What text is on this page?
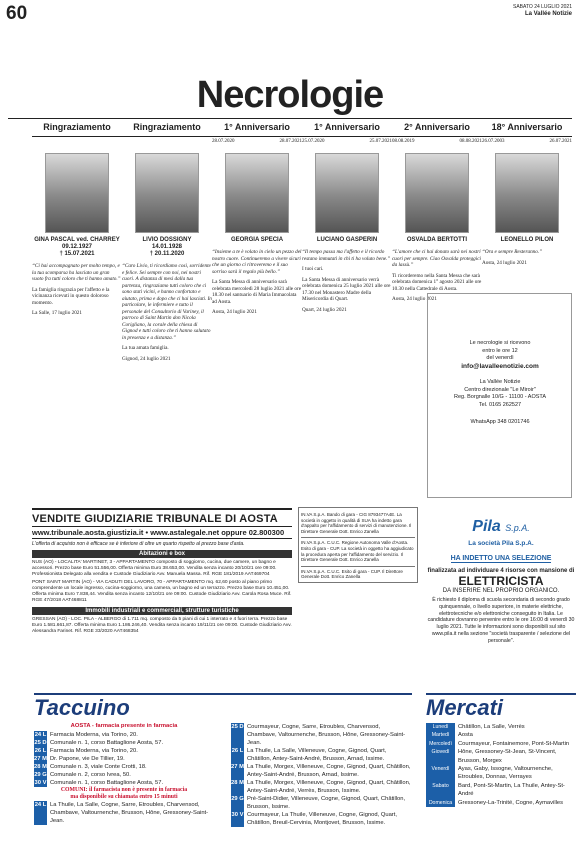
60	SABATO 24 LUGLIO 2021
La Vallée Notizie
Necrologie
Ringraziamento
GINA PASCAL ved. CHARREY
09.12.1927
† 15.07.2021

“Ci hai accompagnato per molto tempo, e la tua scomparsa ha lasciato un gran vuoto fra tutti coloro che ti hanno amato.”

La famiglia ringrazia per l'affetto e la vicinanza ricevuti in questo doloroso momento.

La Salle, 17 luglio 2021

Ringraziamento
LIVIO DOSSIGNY
14.01.1928
† 20.11.2020

“Caro Livio, ti ricordiamo così, sorridente e felice. Sei sempre con noi, nei nostri cuori. A distanza di mesi dalla tua partenza, ringraziamo tutti coloro che ci sono stati vicini, e hanno confortato e aiutato, prima e dopo che ci hai lasciati. In particolare, le infermiere e tutto il personale del Consultorio di Variney, il parroco di Saint Martin don Nicola Corigliano, la corale della chiesa di Gignod e tutti coloro che ti hanno salutato in presenza e a distanza.”

La tua amata famiglia.

Gignod, 24 luglio 2021

1° Anniversario
28.07.2020	28.07.2021
GEORGIA SPECIA

“Insieme a te è volato in cielo un pezzo del nostro cuore. Continueremo a vivere sicuri che un giorno ci ritroveremo e il suo sorriso sarà il regalo più bello.”

La Santa Messa di anniversario sarà celebrata mercoledì 28 luglio 2021 alle ore 18.30 nel santuario di Maria Immacolata ad Aosta.

Aosta, 24 luglio 2021

1° Anniversario
25.07.2020	25.07.2021
LUCIANO GASPERIN

“Il tempo passa ma l'affetto e il ricordo restano immutati in chi ti ha voluto bene.”

I tuoi cari.

La Santa Messa di anniversario verrà celebrata domenica 25 luglio 2021 alle ore 17.30 nel Monastero Madre della Misericordia di Quart.

Quart, 24 luglio 2021

2° Anniversario
08.08.2019	08.08.2021
OSVALDA BERTOTTI

“L'amore che ci hai donato sarà nei nostri cuori per sempre. Ciao Osvalda proteggici da lassù.”

Ti ricorderemo nella Santa Messa che sarà celebrata domenica 1° agosto 2021 alle ore 10.30 nella Cattedrale di Aosta.

Aosta, 24 luglio 2021

18° Anniversario
26.07.2003	26.07.2021
LEONELLO PILON

“Ora e sempre Resteranno.”

Aosta, 24 luglio 2021

Le necrologie si ricevono
entro le ore 12
del venerdì
info@lavalleenotizie.com
La Vallée Notizie
Centro direzionale "Le Miroir"
Reg. Borgnalle 10/G - 11100 - AOSTA
Tel. 0165 262527
WhatsApp 348 0201746
VENDITE GIUDIZIARIE TRIBUNALE DI AOSTA
www.tribunale.aosta.giustizia.it • www.astalegale.net oppure 02.800300
L'offerta di acquisto non è efficace se è inferiore di oltre un quarto rispetto al prezzo base d'asta.
Abitazioni e box
NUS (AO) - LOCALITA' MARTINET, 3 - APPARTAMENTO composto di soggiorno, cucina, due camere, un bagno e accessori. Prezzo base Euro 51.556,00. Offerta minima Euro 38.653,00. Vendita senza incanto 20/10/21 ore 09:00. Professionista Delegato alla vendita e Custode Giudiziario Avv. Manuela Massa. Rif. RGE 181/2019 AAT469704
PONT SAINT MARTIN (AO) - VIA CADUTI DEL LAVORO, 70 - APPARTAMENTO mq. 62,60 posto al piano primo comprendente un locale ingresso, cucina-soggiorno, una camera, un bagno ed un terrazzo. Prezzo base Euro 10.451,00. Offerta minima Euro 7.838,44. Vendita senza incanto 12/10/21 ore 09:00. Custode Giudiziario Avv. Carola Rosa Muce. Rif. RGE 47/2018 AAT468811
Immobili industriali e commerciali, strutture turistiche
GRESSAN (AO) - LOC. PILA - ALBERGO di 1.711 mq. composto da 5 piani di cui 1 interrato e 4 fuori terra. Prezzo base Euro 1.581.661,87. Offerta minima Euro 1.186.246,40. Vendita senza incanto 19/11/21 ore 09:00. Custode Giudiziario Avv. Alessandra Farinet. Rif. RGE 33/2020 AAT468354
IN.VA S.p.A. Bando di gara - CIG 8793477A4E. La società in oggetto in qualità di SUA ha indetto gara d'appalto per l'affidamento di servizi di manutenzione. Il Direttore Generale Dott. Enrico Zanella
IN.VA S.p.A. C.U.C. Regione Autonoma Valle d'Aosta. Esito di gara - CUP. La società in oggetto ha aggiudicato la procedura aperta per l'affidamento del servizio. Il Direttore Generale Dott. Enrico Zanella
IN.VA S.p.A. C.U.C. Esito di gara - CUP. Il Direttore Generale Dott. Enrico Zanella
Pila S.p.A.
La società Pila S.p.A.
HA INDETTO UNA SELEZIONE
finalizzata ad individuare 4 risorse con mansione di
ELETTRICISTA
DA INSERIRE NEL PROPRIO ORGANICO.
È richiesto il diploma di scuola secondaria di secondo grado quinquennale, o livello superiore, in materie elettriche, elettrotecniche e/o elettroniche conseguito in Italia. Le candidature dovranno pervenire entro le ore 16:00 di venerdì 30 luglio 2021. Tutte le informazioni sono disponibili sul sito www.pila.it nella sezione "società trasparente / selezione del personale".
Taccuino	Mercati
AOSTA - farmacia presente in farmacia
24 L Farmacia Moderna, via Torino, 20.
25 D Comunale n. 1, corso Battaglione Aosta, 57.
26 L Farmacia Moderna, via Torino, 20.
27 M Dr. Papone, vie De Tillier, 19.
28 M Comunale n. 3, viale Conte Crotti, 18.
29 G Comunale n. 2, corso Ivrea, 50.
30 V Comunale n. 1, corso Battaglione Aosta, 57.
COMUNI: il farmacista non è presente in farmacia
ma disponibile su chiamata entro 15 minuti
24 L La Thuile, La Salle, Cogne, Sarre, Etroubles, Charvensod, Chambave, Valtournenche, Brusson, Hône, Gressoney-Saint-Jean.
25 D Courmayeur, Cogne, Sarre, Etroubles, Charvensod, Chambave, Valtournenche, Brusson, Hône, Gressoney-Saint-Jean.
26 L La Thuile, La Salle, Villeneuve, Cogne, Gignod, Quart, Châtillon, Antey-Saint-André, Brusson, Arnad, Issime.
27 M La Thuile, Morgex, Villeneuve, Cogne, Gignod, Quart, Châtillon, Antey-Saint-André, Brusson, Arnad, Issime.
28 M La Thuile, Morgex, Villeneuve, Cogne, Gignod, Quart, Châtillon, Antey-Saint-André, Verrès, Brusson, Issime.
29 G Pré-Saint-Didier, Villeneuve, Cogne, Gignod, Quart, Châtillon, Brusson, Issime.
30 V Courmayeur, La Thuile, Villeneuve, Cogne, Gignod, Quart, Châtillon, Breuil-Cervinia, Montjovet, Brusson, Issime.
Lunedì	Châtillon, La Salle, Verrès
Martedì	Aosta
Mercoledì	Courmayeur, Fontainemore, Pont-St-Martin
Giovedì	Hône, Gressoney-St-Jean, St-Vincent, Brusson, Morgex
Venerdì	Ayas, Gaby, Issogne, Valtournenche, Etroubles, Donnas, Verrayes
Sabato	Bard, Pont-St-Martin, La Thuile, Antey-St-André
Domenica	Gressoney-La-Trinité, Cogne, Aymavilles
